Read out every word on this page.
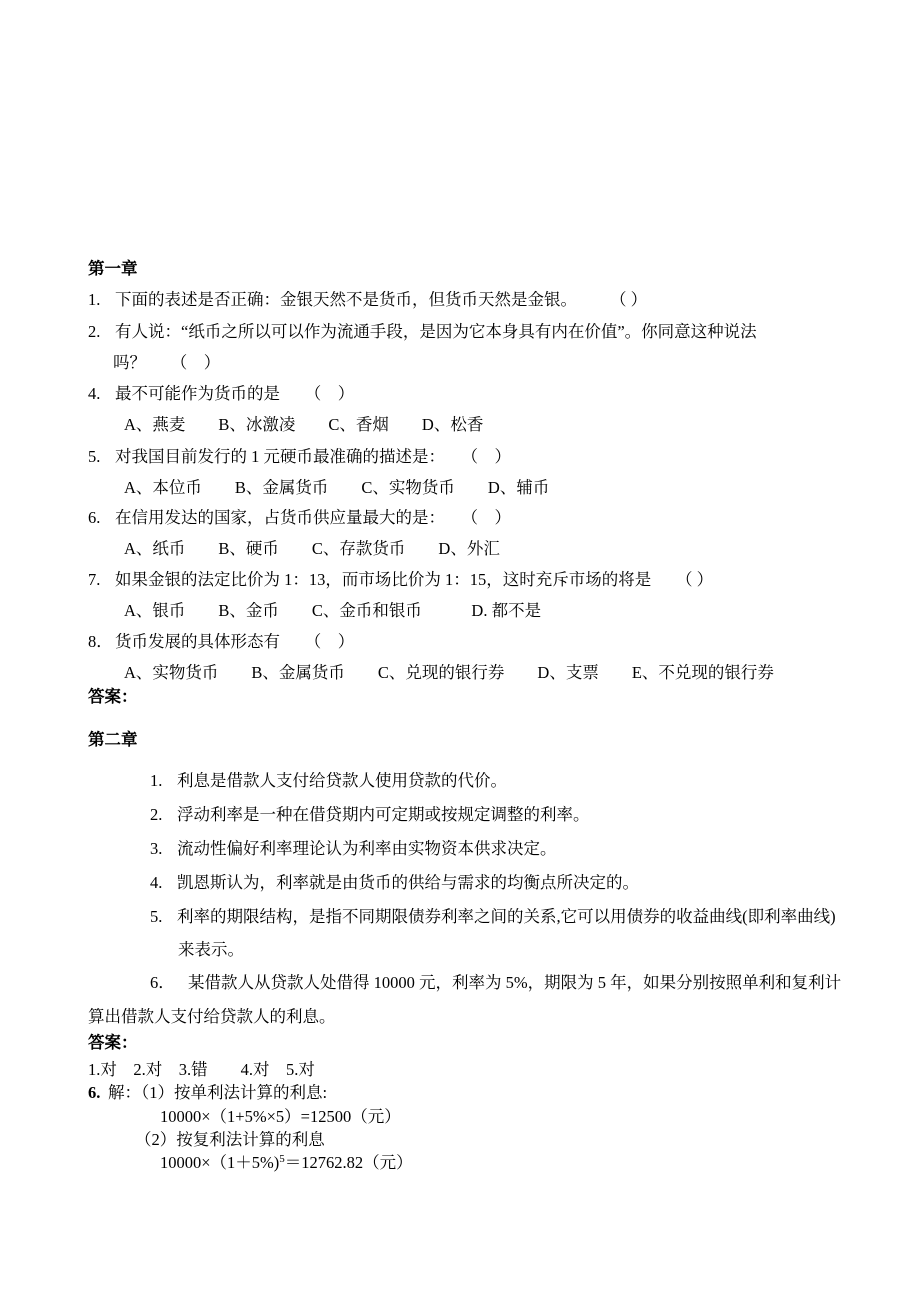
第一章
1. 下面的表述是否正确：金银天然不是货币，但货币天然是金银。　　　（ ）
2. 有人说：“纸币之所以可以作为流通手段，是因为它本身具有内在价值”。你同意这种说法
吗？　　（　）
4. 最不可能作为货币的是　　（　）
A、燕麦　　B、冰激凌　　C、香烟　　D、松香
5. 对我国目前发行的 1 元硬币最准确的描述是：　　（　）
A、本位币　　B、金属货币　　C、实物货币　　D、辅币
6. 在信用发达的国家，占货币供应量最大的是：　　（　）
A、纸币　　B、硬币　　C、存款货币　　D、外汇
7. 如果金银的法定比价为 1：13，而市场比价为 1：15，这时充斥市场的将是　　（ ）
A、银币　　B、金币　　C、金币和银币　　　D. 都不是
8． 货币发展的具体形态有　　（　）
A、实物货币　　B、金属货币　　C、兑现的银行券　　D、支票　　E、不兑现的银行券
答案：
第二章
1. 利息是借款人支付给贷款人使用贷款的代价。
2. 浮动利率是一种在借贷期内可定期或按规定调整的利率。
3. 流动性偏好利率理论认为利率由实物资本供求决定。
4. 凯恩斯认为，利率就是由货币的供给与需求的均衡点所决定的。
5. 利率的期限结构，是指不同期限债券利率之间的关系,它可以用债券的收益曲线(即利率曲线)
来表示。
6． 某借款人从贷款人处借得 10000 元，利率为 5%，期限为 5 年，如果分别按照单利和复利计
算出借款人支付给贷款人的利息。
答案：
1.对　2.对　3.错　　4.对　5.对
6. 解：（1）按单利法计算的利息:
10000×（1+5%×5）=12500（元）
（2）按复利法计算的利息
10000×（1＋5%)$^5$＝12762.82（元）
